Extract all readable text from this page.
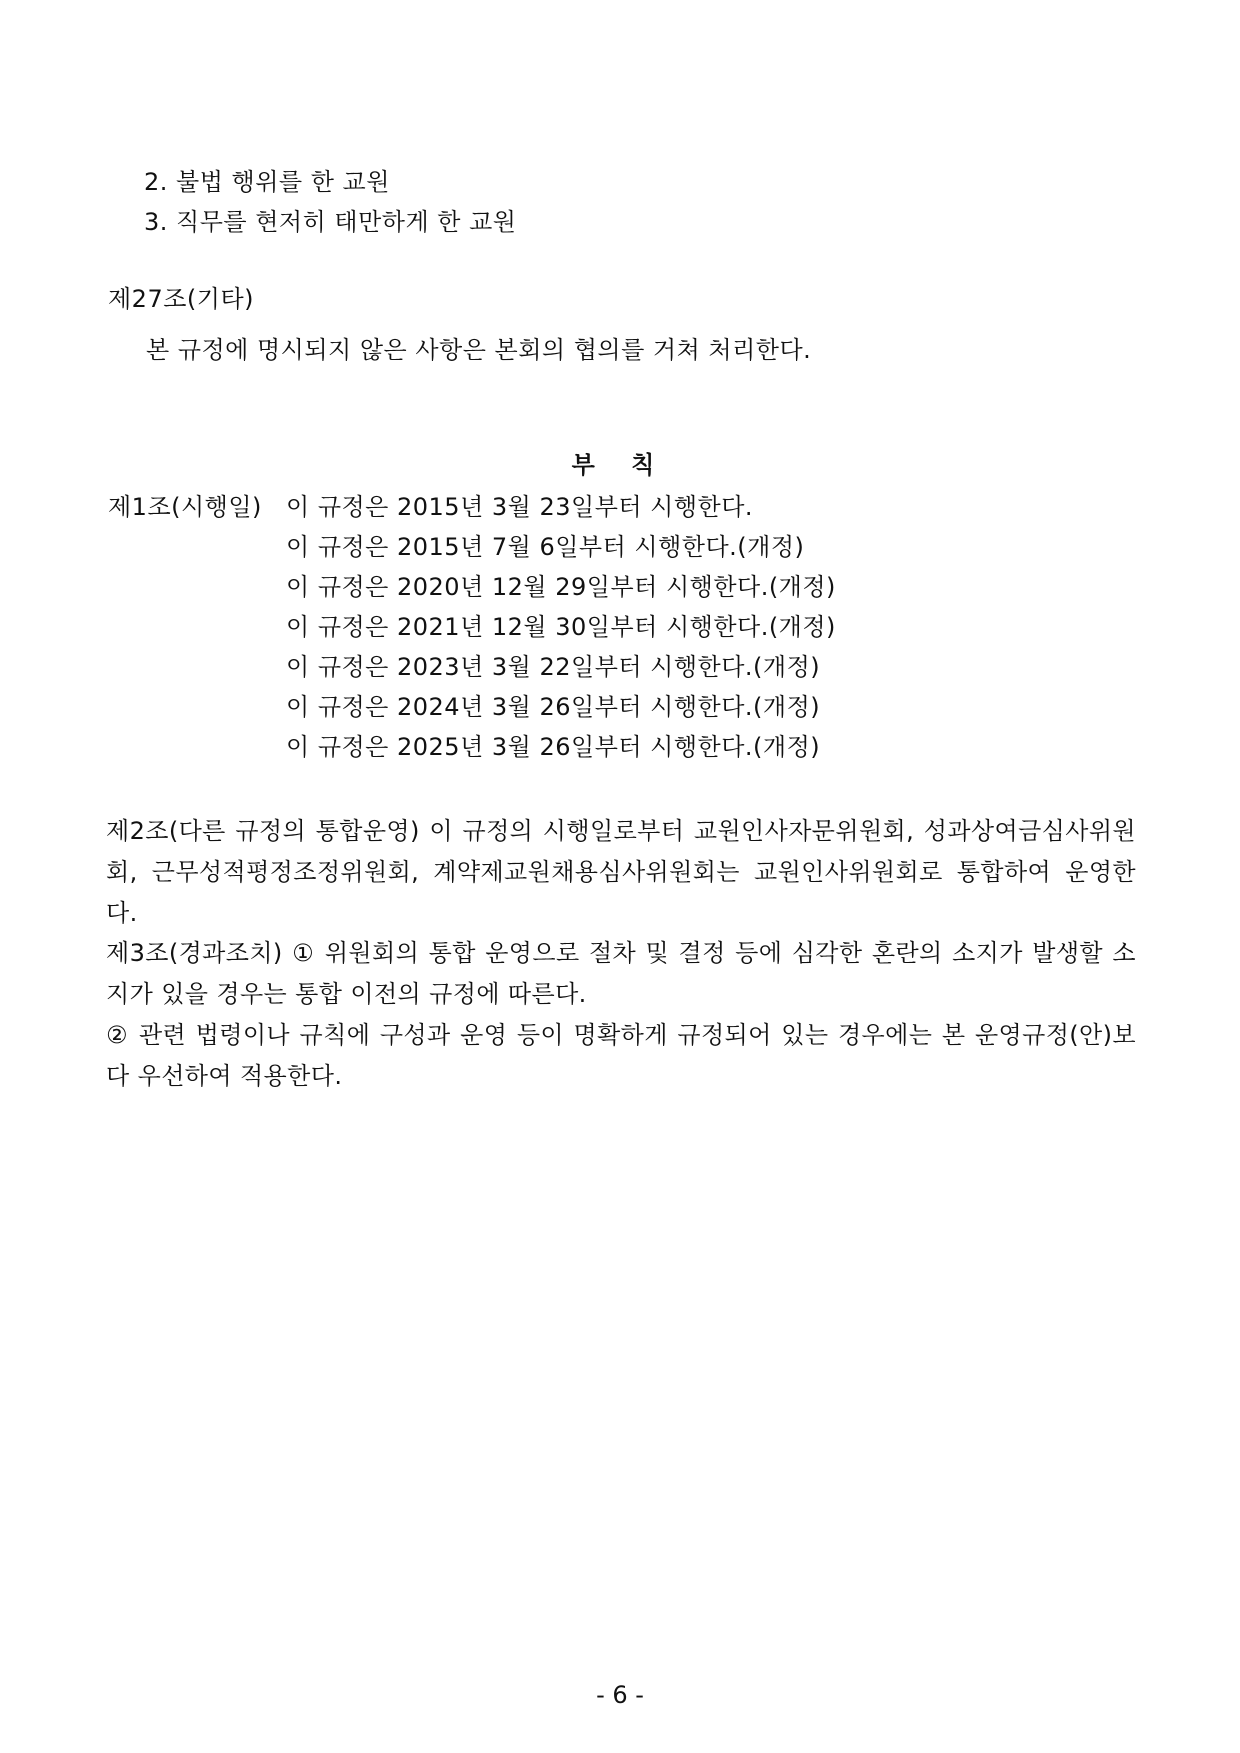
2. 불법 행위를 한 교원
3. 직무를 현저히 태만하게 한 교원
제27조(기타)
본 규정에 명시되지 않은 사항은 본회의 협의를 거쳐 처리한다.
부 칙
제1조(시행일) 이 규정은 2015년 3월 23일부터 시행한다.
이 규정은 2015년 7월 6일부터 시행한다.(개정)
이 규정은 2020년 12월 29일부터 시행한다.(개정)
이 규정은 2021년 12월 30일부터 시행한다.(개정)
이 규정은 2023년 3월 22일부터 시행한다.(개정)
이 규정은 2024년 3월 26일부터 시행한다.(개정)
이 규정은 2025년 3월 26일부터 시행한다.(개정)
제2조(다른 규정의 통합운영) 이 규정의 시행일로부터 교원인사자문위원회, 성과상여금심사위원회, 근무성적평정조정위원회, 계약제교원채용심사위원회는 교원인사위원회로 통합하여 운영한다.
제3조(경과조치) ① 위원회의 통합 운영으로 절차 및 결정 등에 심각한 혼란의 소지가 발생할 소지가 있을 경우는 통합 이전의 규정에 따른다.
② 관련 법령이나 규칙에 구성과 운영 등이 명확하게 규정되어 있는 경우에는 본 운영규정(안)보다 우선하여 적용한다.
- 6 -
